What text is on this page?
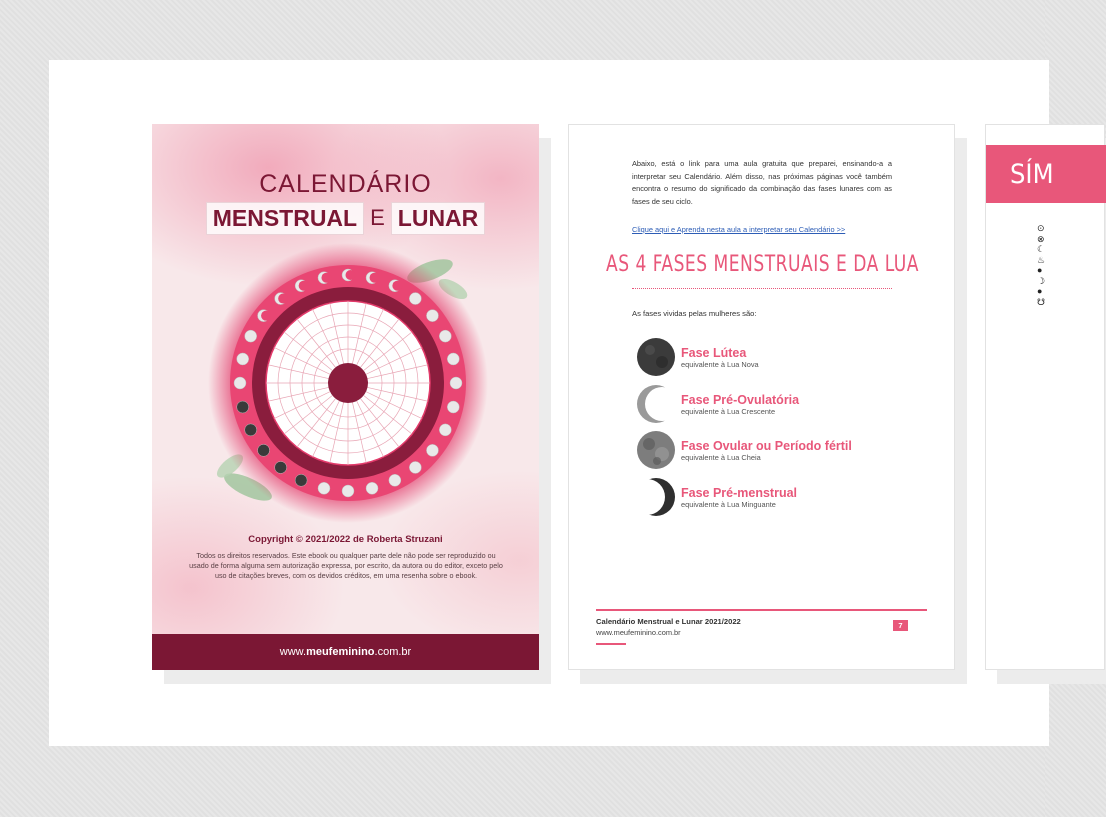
CALENDÁRIO
MENSTRUAL E LUNAR
Copyright © 2021/2022 de Roberta Struzani
Todos os direitos reservados. Este ebook ou qualquer parte dele não pode ser reproduzido ou usado de forma alguma sem autorização expressa, por escrito, da autora ou do editor, exceto pelo uso de citações breves, com os devidos créditos, em uma resenha sobre o ebook.
www. meufeminino .com.br

Abaixo, está o link para uma aula gratuita que preparei, ensinando-a a interpretar seu Calendário. Além disso, nas próximas páginas você também encontra o resumo do significado da combinação das fases lunares com as fases de seu ciclo.

Clique aqui e Aprenda nesta aula a interpretar seu Calendário >>
AS 4 FASES MENSTRUAIS E DA LUA
As fases vividas pelas mulheres são:
Fase Lútea
equivalente à Lua Nova
Fase Pré-Ovulatória
equivalente à Lua Crescente
Fase Ovular ou Período fértil
equivalente à Lua Cheia
Fase Pré-menstrual
equivalente à Lua Minguante
Calendário Menstrual e Lunar 2021/2022
www.meufeminino.com.br
7
SÍM
⊙
⊗
☾
♨
●
☽
●
☋
